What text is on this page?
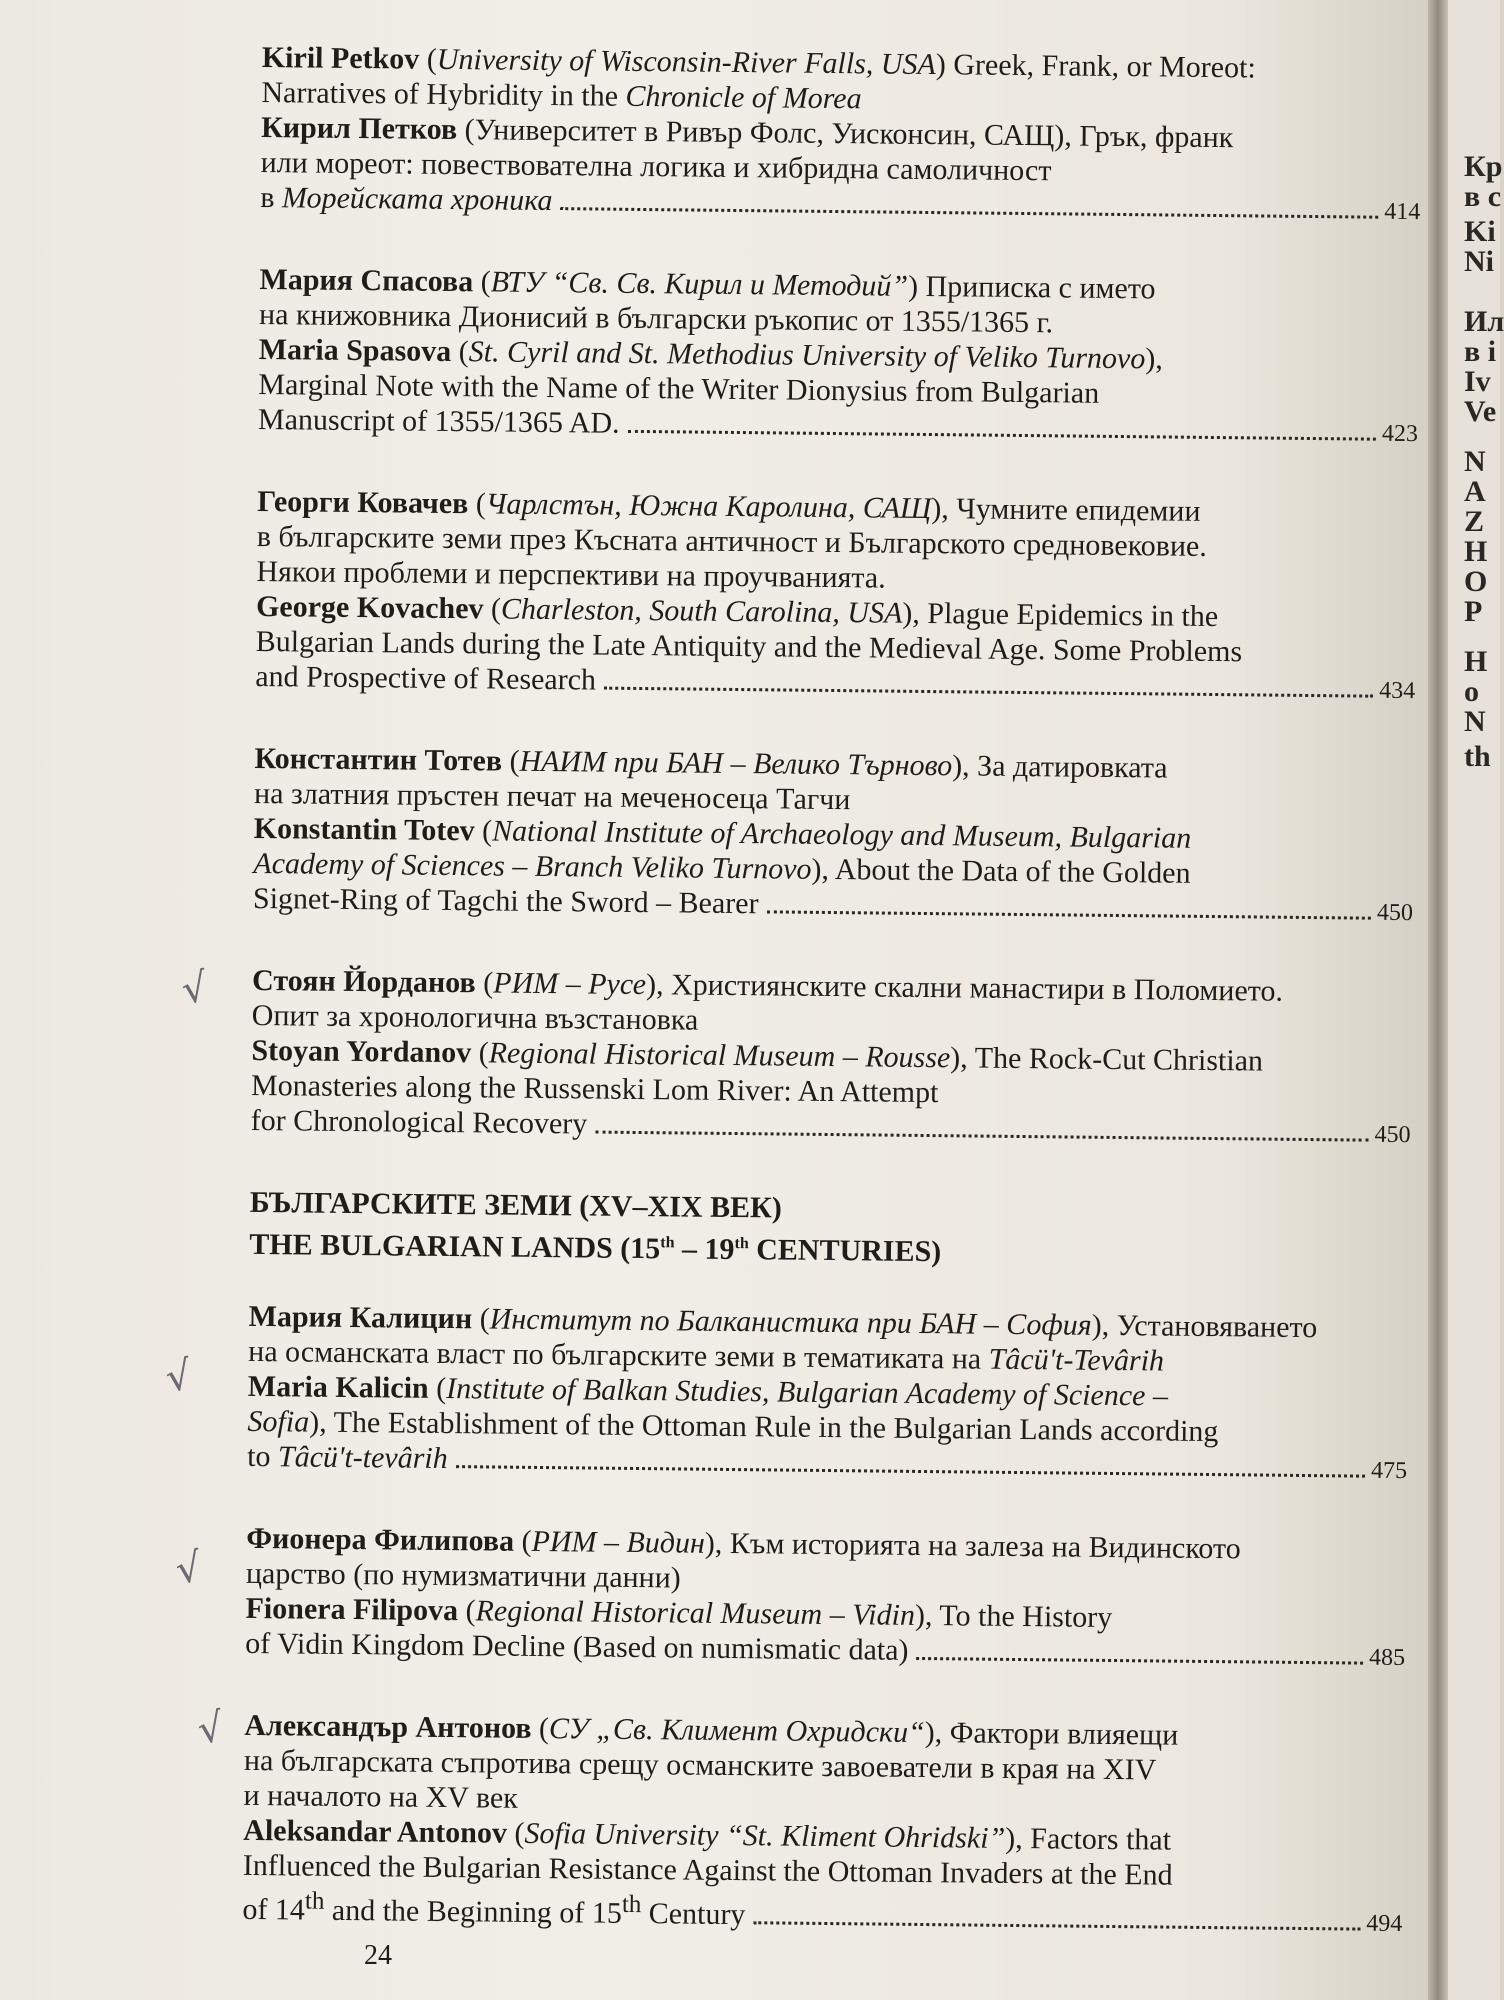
Кр
в с
Ki
Ni
Ил
в і
Iv
Ve
N
A
Z
H
O
P
H
o
N
th
Kiril Petkov (University of Wisconsin-River Falls, USA) Greek, Frank, or Moreot:
Narratives of Hybridity in the Chronicle of Morea
Кирил Петков (Университет в Ривър Фолс, Уисконсин, САЩ), Грък, франк
или мореот: повествователна логика и хибридна самоличност
в Морейската хроника	414
Мария Спасова (ВТУ “Св. Св. Кирил и Методий”) Приписка с името
на книжовника Дионисий в български ръкопис от 1355/1365 г.
Maria Spasova (St. Cyril and St. Methodius University of Veliko Turnovo),
Marginal Note with the Name of the Writer Dionysius from Bulgarian
Manuscript of 1355/1365 AD.	423
Георги Ковачев (Чарлстън, Южна Каролина, САЩ), Чумните епидемии
в българските земи през Късната античност и Българското средновековие.
Някои проблеми и перспективи на проучванията.
George Kovachev (Charleston, South Carolina, USA), Plague Epidemics in the
Bulgarian Lands during the Late Antiquity and the Medieval Age. Some Problems
and Prospective of Research	434
Константин Тотев (НАИМ при БАН – Велико Търново), За датировката
на златния пръстен печат на меченосеца Тагчи
Konstantin Totev (National Institute of Archaeology and Museum, Bulgarian
Academy of Sciences – Branch Veliko Turnovo), About the Data of the Golden
Signet-Ring of Tagchi the Sword – Bearer	450
Стоян Йорданов (РИМ – Русе), Християнските скални манастири в Поломието.
Опит за хронологична възстановка
Stoyan Yordanov (Regional Historical Museum – Rousse), The Rock-Cut Christian
Monasteries along the Russenski Lom River: An Attempt
for Chronological Recovery	450
БЪЛГАРСКИТЕ ЗЕМИ (XV–XIX ВЕК)
THE BULGARIAN LANDS (15th – 19th CENTURIES)
Мария Калицин (Институт по Балканистика при БАН – София), Установяването
на османската власт по българските земи в тематиката на Tâcü't-Tevârih
Maria Kalicin (Institute of Balkan Studies, Bulgarian Academy of Science –
Sofia), The Establishment of the Ottoman Rule in the Bulgarian Lands according
to Tâcü't-tevârih	475
Фионера Филипова (РИМ – Видин), Към историята на залеза на Видинското
царство (по нумизматични данни)
Fionera Filipova (Regional Historical Museum – Vidin), To the History
of Vidin Kingdom Decline (Based on numismatic data)	485
Александър Антонов (СУ „Св. Климент Охридски“), Фактори влияещи
на българската съпротива срещу османските завоеватели в края на XIV
и началото на XV век
Aleksandar Antonov (Sofia University “St. Kliment Ohridski”), Factors that
Influenced the Bulgarian Resistance Against the Ottoman Invaders at the End
of 14th and the Beginning of 15th Century	494
√
√
√
√
24
